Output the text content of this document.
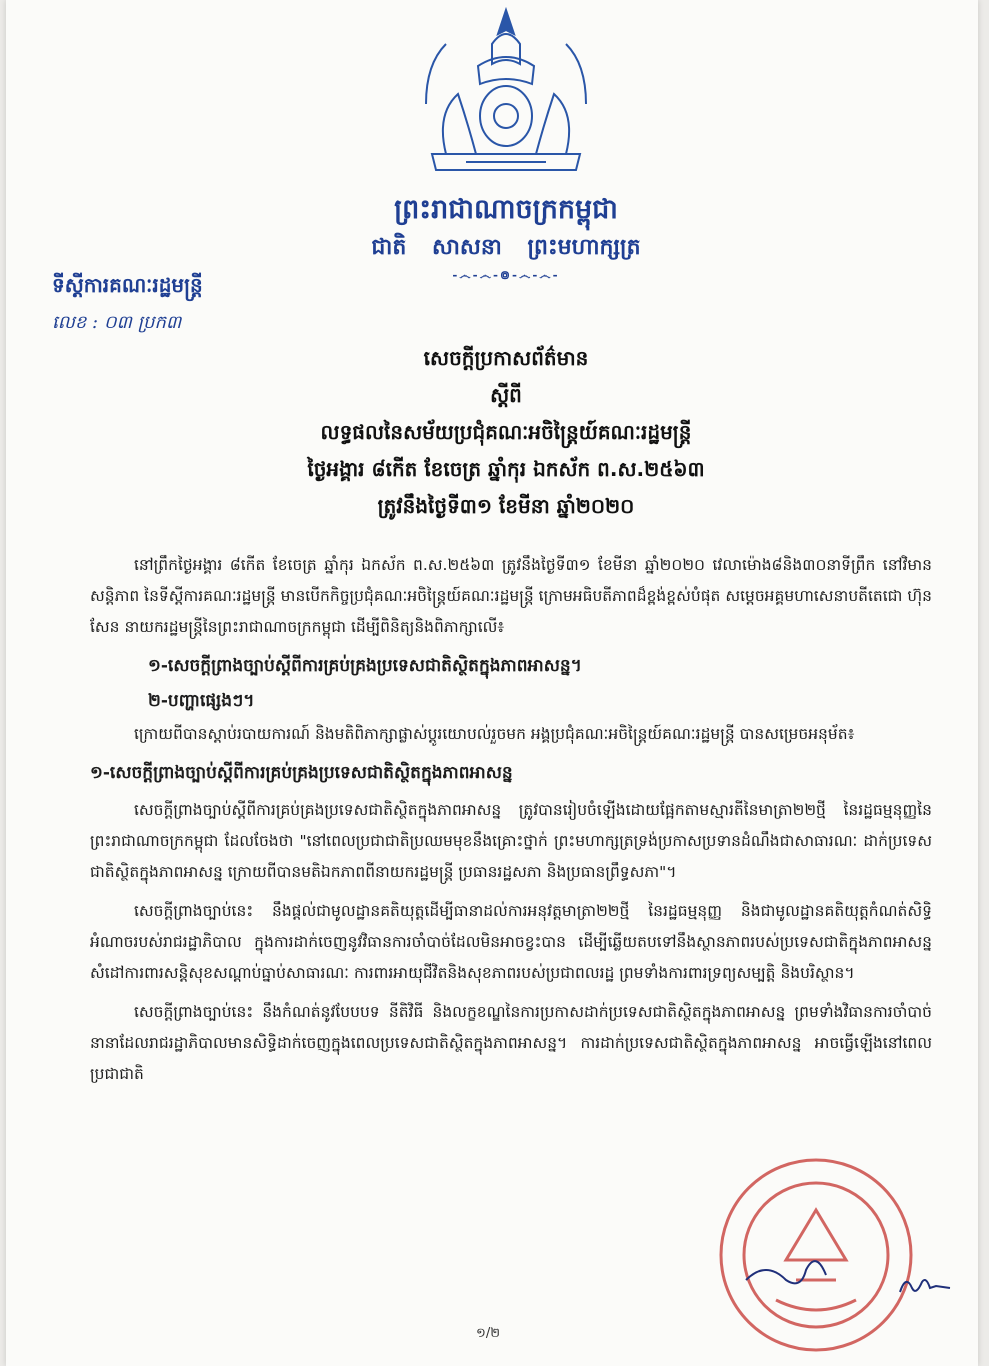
ព្រះរាជាណាចក្រកម្ពុជា
ជាតិ សាសនា ព្រះមហាក្សត្រ
-෴-෴-៙-෴-෴-
ទីស្តីការគណៈរដ្ឋមន្ត្រី
លេខ : ០៣ ប្រក៣
សេចក្តីប្រកាសព័ត៌មាន
ស្តីពី
លទ្ធផលនៃសម័យប្រជុំគណៈអចិន្ត្រៃយ៍គណៈរដ្ឋមន្ត្រី
ថ្ងៃអង្គារ ៨កើត ខែចេត្រ ឆ្នាំកុរ ឯកស័ក ព.ស.២៥៦៣
ត្រូវនឹងថ្ងៃទី៣១ ខែមីនា ឆ្នាំ២០២០

នៅព្រឹកថ្ងៃអង្គារ ៨កើត ខែចេត្រ ឆ្នាំកុរ ឯកស័ក ព.ស.២៥៦៣ ត្រូវនឹងថ្ងៃទី៣១ ខែមីនា ឆ្នាំ២០២០ វេលាម៉ោង៨និង៣០នាទីព្រឹក នៅវិមានសន្តិភាព នៃទីស្តីការគណៈរដ្ឋមន្ត្រី មានបើកកិច្ចប្រជុំគណៈអចិន្ត្រៃយ៍គណៈរដ្ឋមន្ត្រី ក្រោមអធិបតីភាពដ៏ខ្ពង់ខ្ពស់បំផុត សម្តេចអគ្គមហាសេនាបតីតេជោ ហ៊ុន សែន នាយករដ្ឋមន្ត្រីនៃព្រះរាជាណាចក្រកម្ពុជា ដើម្បីពិនិត្យនិងពិភាក្សាលើ៖

១-សេចក្តីព្រាងច្បាប់ស្តីពីការគ្រប់គ្រងប្រទេសជាតិស្ថិតក្នុងភាពអាសន្ន។
២-បញ្ហាផ្សេងៗ។

ក្រោយពីបានស្តាប់របាយការណ៍ និងមតិពិភាក្សាផ្លាស់ប្តូរយោបល់រួចមក អង្គប្រជុំគណៈអចិន្ត្រៃយ៍គណៈរដ្ឋមន្ត្រី បានសម្រេចអនុម័ត៖

១-សេចក្តីព្រាងច្បាប់ស្តីពីការគ្រប់គ្រងប្រទេសជាតិស្ថិតក្នុងភាពអាសន្ន

សេចក្តីព្រាងច្បាប់ស្តីពីការគ្រប់គ្រងប្រទេសជាតិស្ថិតក្នុងភាពអាសន្ន ត្រូវបានរៀបចំឡើងដោយផ្អែកតាមស្មារតីនៃមាត្រា២២ថ្មី នៃរដ្ឋធម្មនុញ្ញនៃព្រះរាជាណាចក្រកម្ពុជា ដែលចែងថា "នៅពេលប្រជាជាតិប្រឈមមុខនឹងគ្រោះថ្នាក់ ព្រះមហាក្សត្រទ្រង់ប្រកាសប្រទានដំណឹងជាសាធារណៈ ដាក់ប្រទេសជាតិស្ថិតក្នុងភាពអាសន្ន ក្រោយពីបានមតិឯកភាពពីនាយករដ្ឋមន្ត្រី ប្រធានរដ្ឋសភា និងប្រធានព្រឹទ្ធសភា"។

សេចក្តីព្រាងច្បាប់នេះ នឹងផ្តល់ជាមូលដ្ឋានគតិយុត្តដើម្បីធានាដល់ការអនុវត្តមាត្រា២២ថ្មី នៃរដ្ឋធម្មនុញ្ញ និងជាមូលដ្ឋានគតិយុត្តកំណត់សិទ្ធិអំណាចរបស់រាជរដ្ឋាភិបាល ក្នុងការដាក់ចេញនូវវិធានការចាំបាច់ដែលមិនអាចខ្វះបាន ដើម្បីឆ្លើយតបទៅនឹងស្ថានភាពរបស់ប្រទេសជាតិក្នុងភាពអាសន្ន សំដៅការពារសន្តិសុខសណ្តាប់ធ្នាប់សាធារណៈ ការពារអាយុជីវិតនិងសុខភាពរបស់ប្រជាពលរដ្ឋ ព្រមទាំងការពារទ្រព្យសម្បត្តិ និងបរិស្ថាន។

សេចក្តីព្រាងច្បាប់នេះ នឹងកំណត់នូវបែបបទ នីតិវិធី និងលក្ខខណ្ឌនៃការប្រកាសដាក់ប្រទេសជាតិស្ថិតក្នុងភាពអាសន្ន ព្រមទាំងវិធានការចាំបាច់នានាដែលរាជរដ្ឋាភិបាលមានសិទ្ធិដាក់ចេញក្នុងពេលប្រទេសជាតិស្ថិតក្នុងភាពអាសន្ន។ ការដាក់ប្រទេសជាតិស្ថិតក្នុងភាពអាសន្ន អាចធ្វើឡើងនៅពេលប្រជាជាតិ

១/២
